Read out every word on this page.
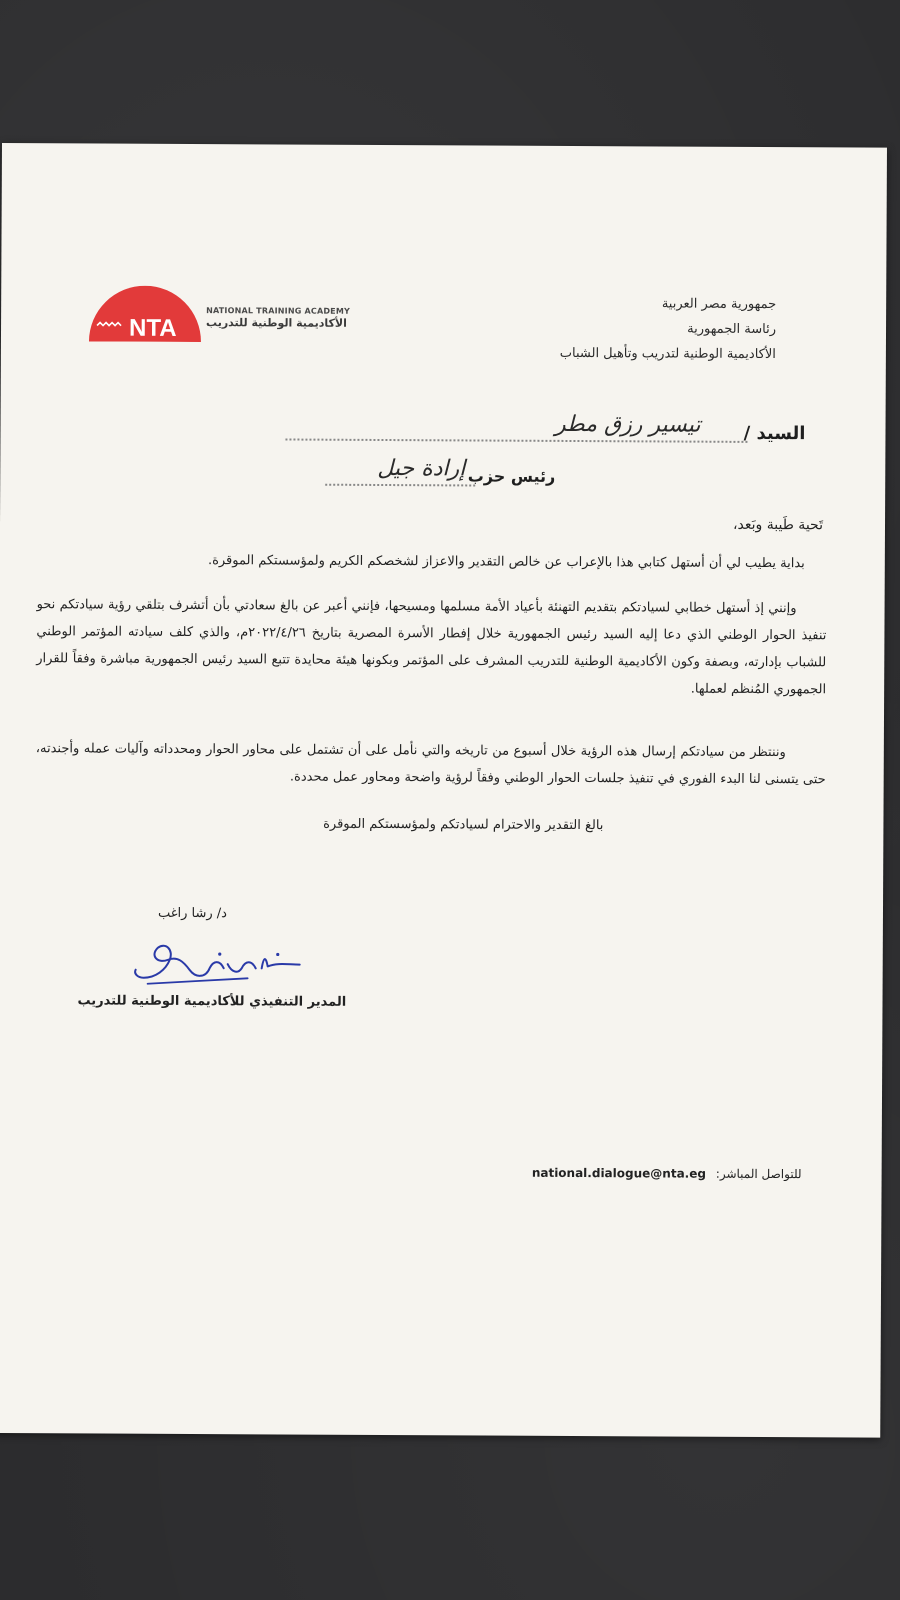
NTA
NATIONAL TRAINING ACADEMY
الأكاديمية الوطنية للتدريب
جمهورية مصر العربية
رئاسة الجمهورية
الأكاديمية الوطنية لتدريب وتأهيل الشباب
السيد /
تيسير رزق مطر
رئيس حزب
إرادة جيل
تَحية طَيبة وبَعد،

بداية يطيب لي أن أستهل كتابي هذا بالإعراب عن خالص التقدير والاعزاز لشخصكم الكريم ولمؤسستكم الموقرة.

وإنني إذ أستهل خطابي لسيادتكم بتقديم التهنئة بأعياد الأمة مسلمها ومسيحها، فإنني أعبر عن بالغ سعادتي بأن أتشرف بتلقي رؤية سيادتكم نحو تنفيذ الحوار الوطني الذي دعا إليه السيد رئيس الجمهورية خلال إفطار الأسرة المصرية بتاريخ ٢٠٢٢/٤/٢٦م، والذي كلف سيادته المؤتمر الوطني للشباب بإدارته، وبصفة وكون الأكاديمية الوطنية للتدريب المشرف على المؤتمر وبكونها هيئة محايدة تتبع السيد رئيس الجمهورية مباشرة وفقاً للقرار الجمهوري المُنظم لعملها.

وننتظر من سيادتكم إرسال هذه الرؤية خلال أسبوع من تاريخه والتي نأمل على أن تشتمل على محاور الحوار ومحدداته وآليات عمله وأجندته، حتى يتسنى لنا البدء الفوري في تنفيذ جلسات الحوار الوطني وفقاً لرؤية واضحة ومحاور عمل محددة.

بالغ التقدير والاحترام لسيادتكم ولمؤسستكم الموقرة
د/ رشا راغب
المدير التنفيذي للأكاديمية الوطنية للتدريب
للتواصل المباشر: national.dialogue@nta.eg
